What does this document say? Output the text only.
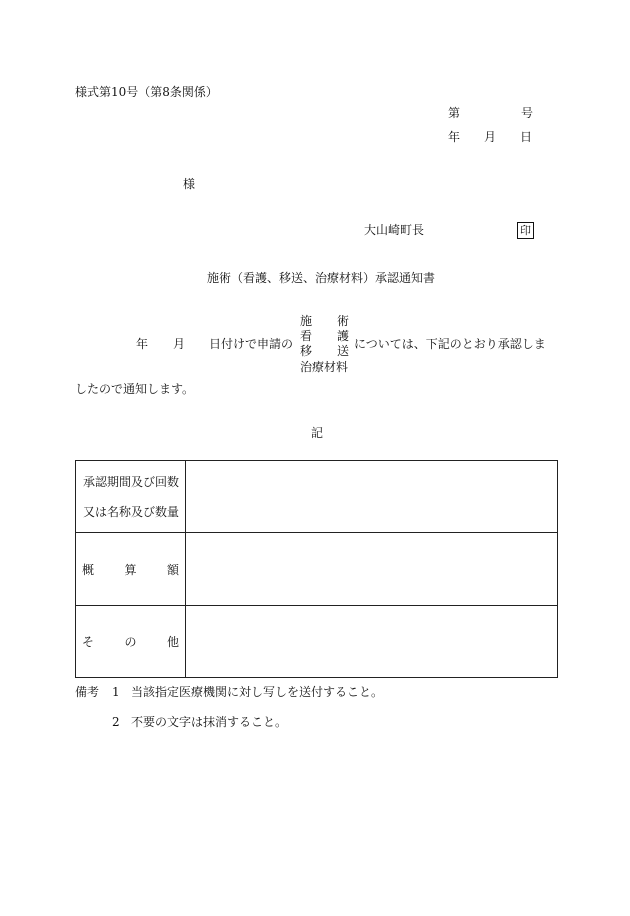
様式第10号（第8条関係）
第	号
年 月 日
様
大山崎町長	印
施術（看護、移送、治療材料）承認通知書
年 月 日付けで申請の
施 術
看 護
移 送
治療材料
については、下記のとおり承認しま
したので通知します。
記
承認期間及び回数
又は名称及び数量	

概 算 額	

そ の 他	

備考 1 当該指定医療機関に対し写しを送付すること。
2 不要の文字は抹消すること。
